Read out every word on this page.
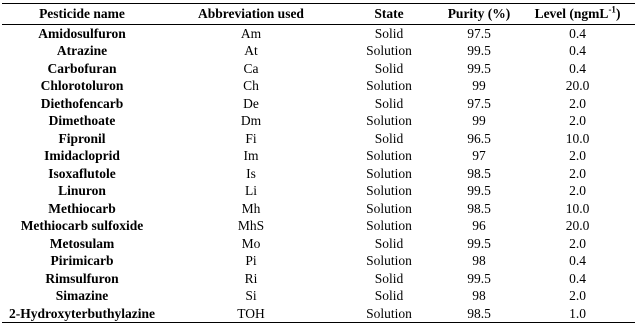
Pesticide name	Abbreviation used	State	Purity (%)	Level (ngmL$^{-1}$)
Amidosulfuron	Am	Solid	97.5	0.4
Atrazine	At	Solution	99.5	0.4
Carbofuran	Ca	Solid	99.5	0.4
Chlorotoluron	Ch	Solution	99	20.0
Diethofencarb	De	Solid	97.5	2.0
Dimethoate	Dm	Solution	99	2.0
Fipronil	Fi	Solid	96.5	10.0
Imidacloprid	Im	Solution	97	2.0
Isoxaflutole	Is	Solution	98.5	2.0
Linuron	Li	Solution	99.5	2.0
Methiocarb	Mh	Solution	98.5	10.0
Methiocarb sulfoxide	MhS	Solution	96	20.0
Metosulam	Mo	Solid	99.5	2.0
Pirimicarb	Pi	Solution	98	0.4
Rimsulfuron	Ri	Solid	99.5	0.4
Simazine	Si	Solid	98	2.0
2-Hydroxyterbuthylazine	TOH	Solution	98.5	1.0
